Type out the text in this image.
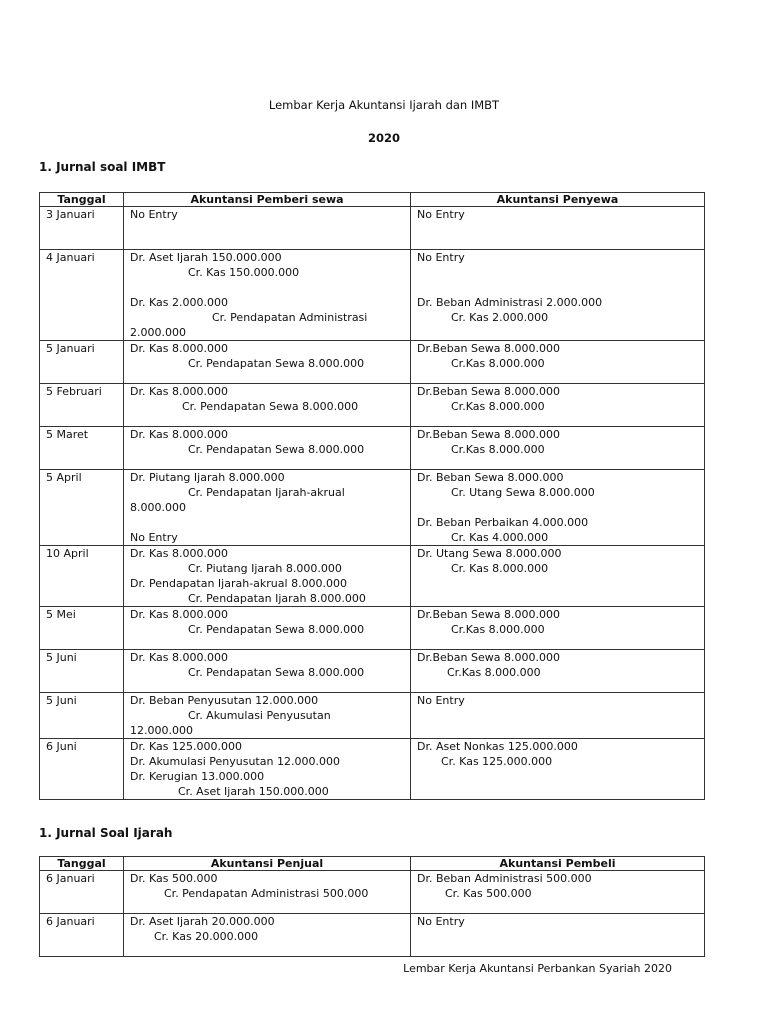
Lembar Kerja Akuntansi Ijarah dan IMBT
2020
1. Jurnal soal IMBT
Tanggal	Akuntansi Pemberi sewa	Akuntansi Penyewa
3 Januari	No Entry	No Entry

4 Januari	Dr. Aset Ijarah 150.000.000
Cr. Kas 150.000.000
Dr. Kas 2.000.000
Cr. Pendapatan Administrasi
2.000.000	No Entry
Dr. Beban Administrasi 2.000.000
Cr. Kas 2.000.000

5 Januari	Dr. Kas 8.000.000
Cr. Pendapatan Sewa 8.000.000	Dr.Beban Sewa 8.000.000
Cr.Kas 8.000.000

5 Februari	Dr. Kas 8.000.000
Cr. Pendapatan Sewa 8.000.000	Dr.Beban Sewa 8.000.000
Cr.Kas 8.000.000

5 Maret	Dr. Kas 8.000.000
Cr. Pendapatan Sewa 8.000.000	Dr.Beban Sewa 8.000.000
Cr.Kas 8.000.000

5 April	Dr. Piutang Ijarah 8.000.000
Cr. Pendapatan Ijarah-akrual
8.000.000
No Entry	Dr. Beban Sewa 8.000.000
Cr. Utang Sewa 8.000.000
Dr. Beban Perbaikan 4.000.000
Cr. Kas 4.000.000

10 April	Dr. Kas 8.000.000
Cr. Piutang Ijarah 8.000.000
Dr. Pendapatan Ijarah-akrual 8.000.000
Cr. Pendapatan Ijarah 8.000.000	Dr. Utang Sewa 8.000.000
Cr. Kas 8.000.000

5 Mei	Dr. Kas 8.000.000
Cr. Pendapatan Sewa 8.000.000	Dr.Beban Sewa 8.000.000
Cr.Kas 8.000.000

5 Juni	Dr. Kas 8.000.000
Cr. Pendapatan Sewa 8.000.000	Dr.Beban Sewa 8.000.000
Cr.Kas 8.000.000

5 Juni	Dr. Beban Penyusutan 12.000.000
Cr. Akumulasi Penyusutan
12.000.000	No Entry

6 Juni	Dr. Kas 125.000.000
Dr. Akumulasi Penyusutan 12.000.000
Dr. Kerugian 13.000.000
Cr. Aset Ijarah 150.000.000	Dr. Aset Nonkas 125.000.000
Cr. Kas 125.000.000
1. Jurnal Soal Ijarah
Tanggal	Akuntansi Penjual	Akuntansi Pembeli
6 Januari	Dr. Kas 500.000
Cr. Pendapatan Administrasi 500.000	Dr. Beban Administrasi 500.000
Cr. Kas 500.000

6 Januari	Dr. Aset Ijarah 20.000.000
Cr. Kas 20.000.000	No Entry
Lembar Kerja Akuntansi Perbankan Syariah 2020
